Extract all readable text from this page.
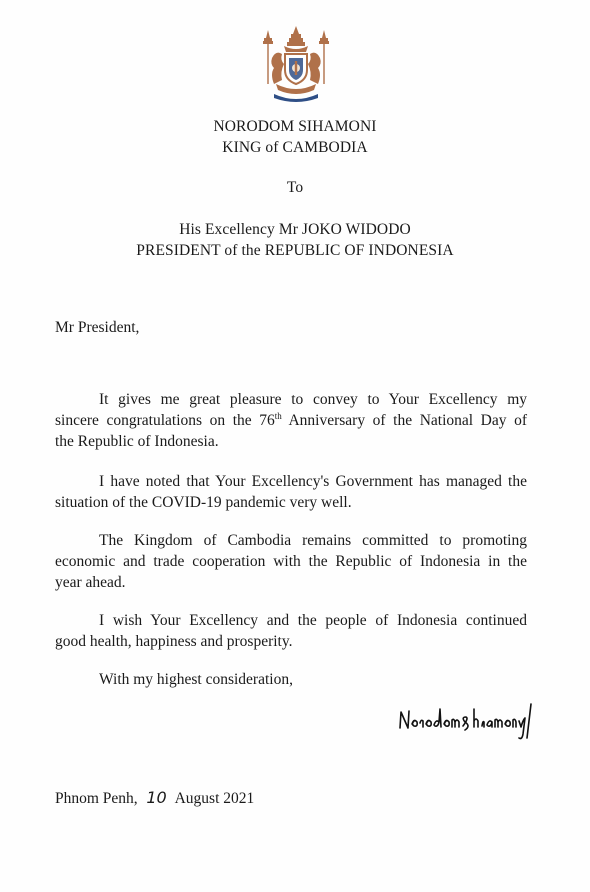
NORODOM SIHAMONI
KING of CAMBODIA
To
His Excellency Mr JOKO WIDODO
PRESIDENT of the REPUBLIC OF INDONESIA
Mr President,
It gives me great pleasure to convey to Your Excellency my
sincere congratulations on the 76th Anniversary of the National Day of
the Republic of Indonesia.
I have noted that Your Excellency's Government has managed the
situation of the COVID-19 pandemic very well.
The Kingdom of Cambodia remains committed to promoting
economic and trade cooperation with the Republic of Indonesia in the
year ahead.
I wish Your Excellency and the people of Indonesia continued
good health, happiness and prosperity.
With my highest consideration,
Phnom Penh, 10 August 2021
